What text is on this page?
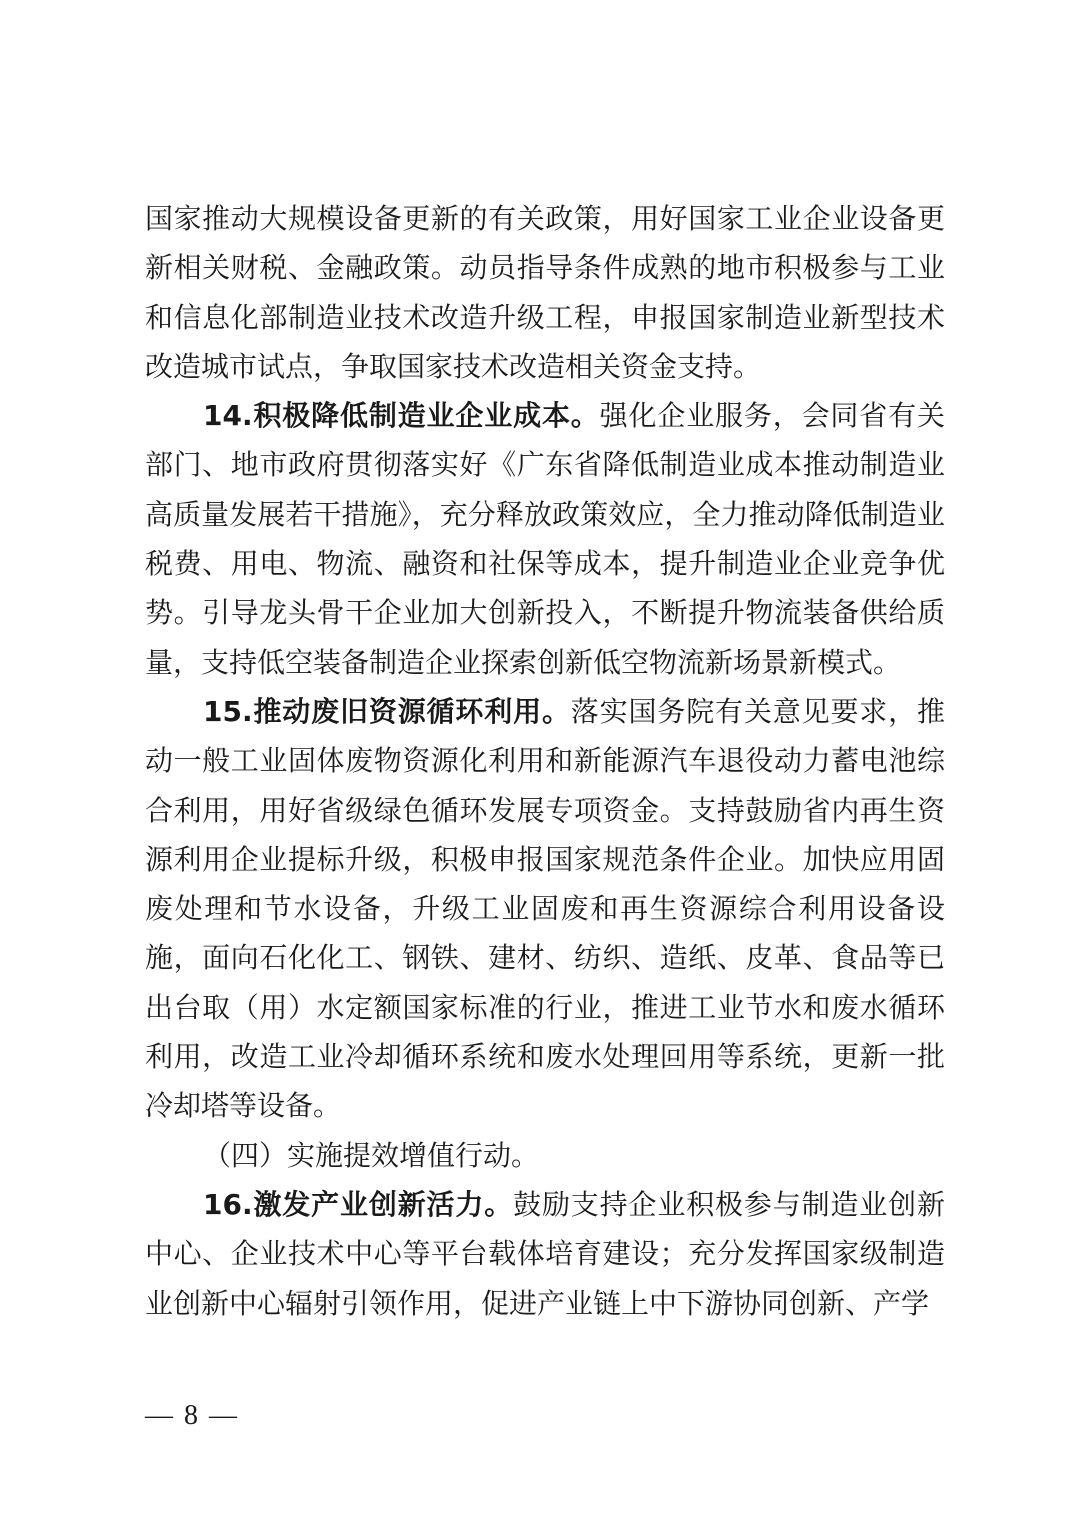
国家推动大规模设备更新的有关政策，用好国家工业企业设备更新相关财税、金融政策。动员指导条件成熟的地市积极参与工业和信息化部制造业技术改造升级工程，申报国家制造业新型技术改造城市试点，争取国家技术改造相关资金支持。

14.积极降低制造业企业成本。强化企业服务，会同省有关部门、地市政府贯彻落实好《广东省降低制造业成本推动制造业高质量发展若干措施》，充分释放政策效应，全力推动降低制造业税费、用电、物流、融资和社保等成本，提升制造业企业竞争优势。引导龙头骨干企业加大创新投入，不断提升物流装备供给质量，支持低空装备制造企业探索创新低空物流新场景新模式。

15.推动废旧资源循环利用。落实国务院有关意见要求，推动一般工业固体废物资源化利用和新能源汽车退役动力蓄电池综合利用，用好省级绿色循环发展专项资金。支持鼓励省内再生资源利用企业提标升级，积极申报国家规范条件企业。加快应用固废处理和节水设备，升级工业固废和再生资源综合利用设备设施，面向石化化工、钢铁、建材、纺织、造纸、皮革、食品等已出台取（用）水定额国家标准的行业，推进工业节水和废水循环利用，改造工业冷却循环系统和废水处理回用等系统，更新一批冷却塔等设备。

（四）实施提效增值行动。

16.激发产业创新活力。鼓励支持企业积极参与制造业创新中心、企业技术中心等平台载体培育建设；充分发挥国家级制造业创新中心辐射引领作用，促进产业链上中下游协同创新、产学

— 8 —
